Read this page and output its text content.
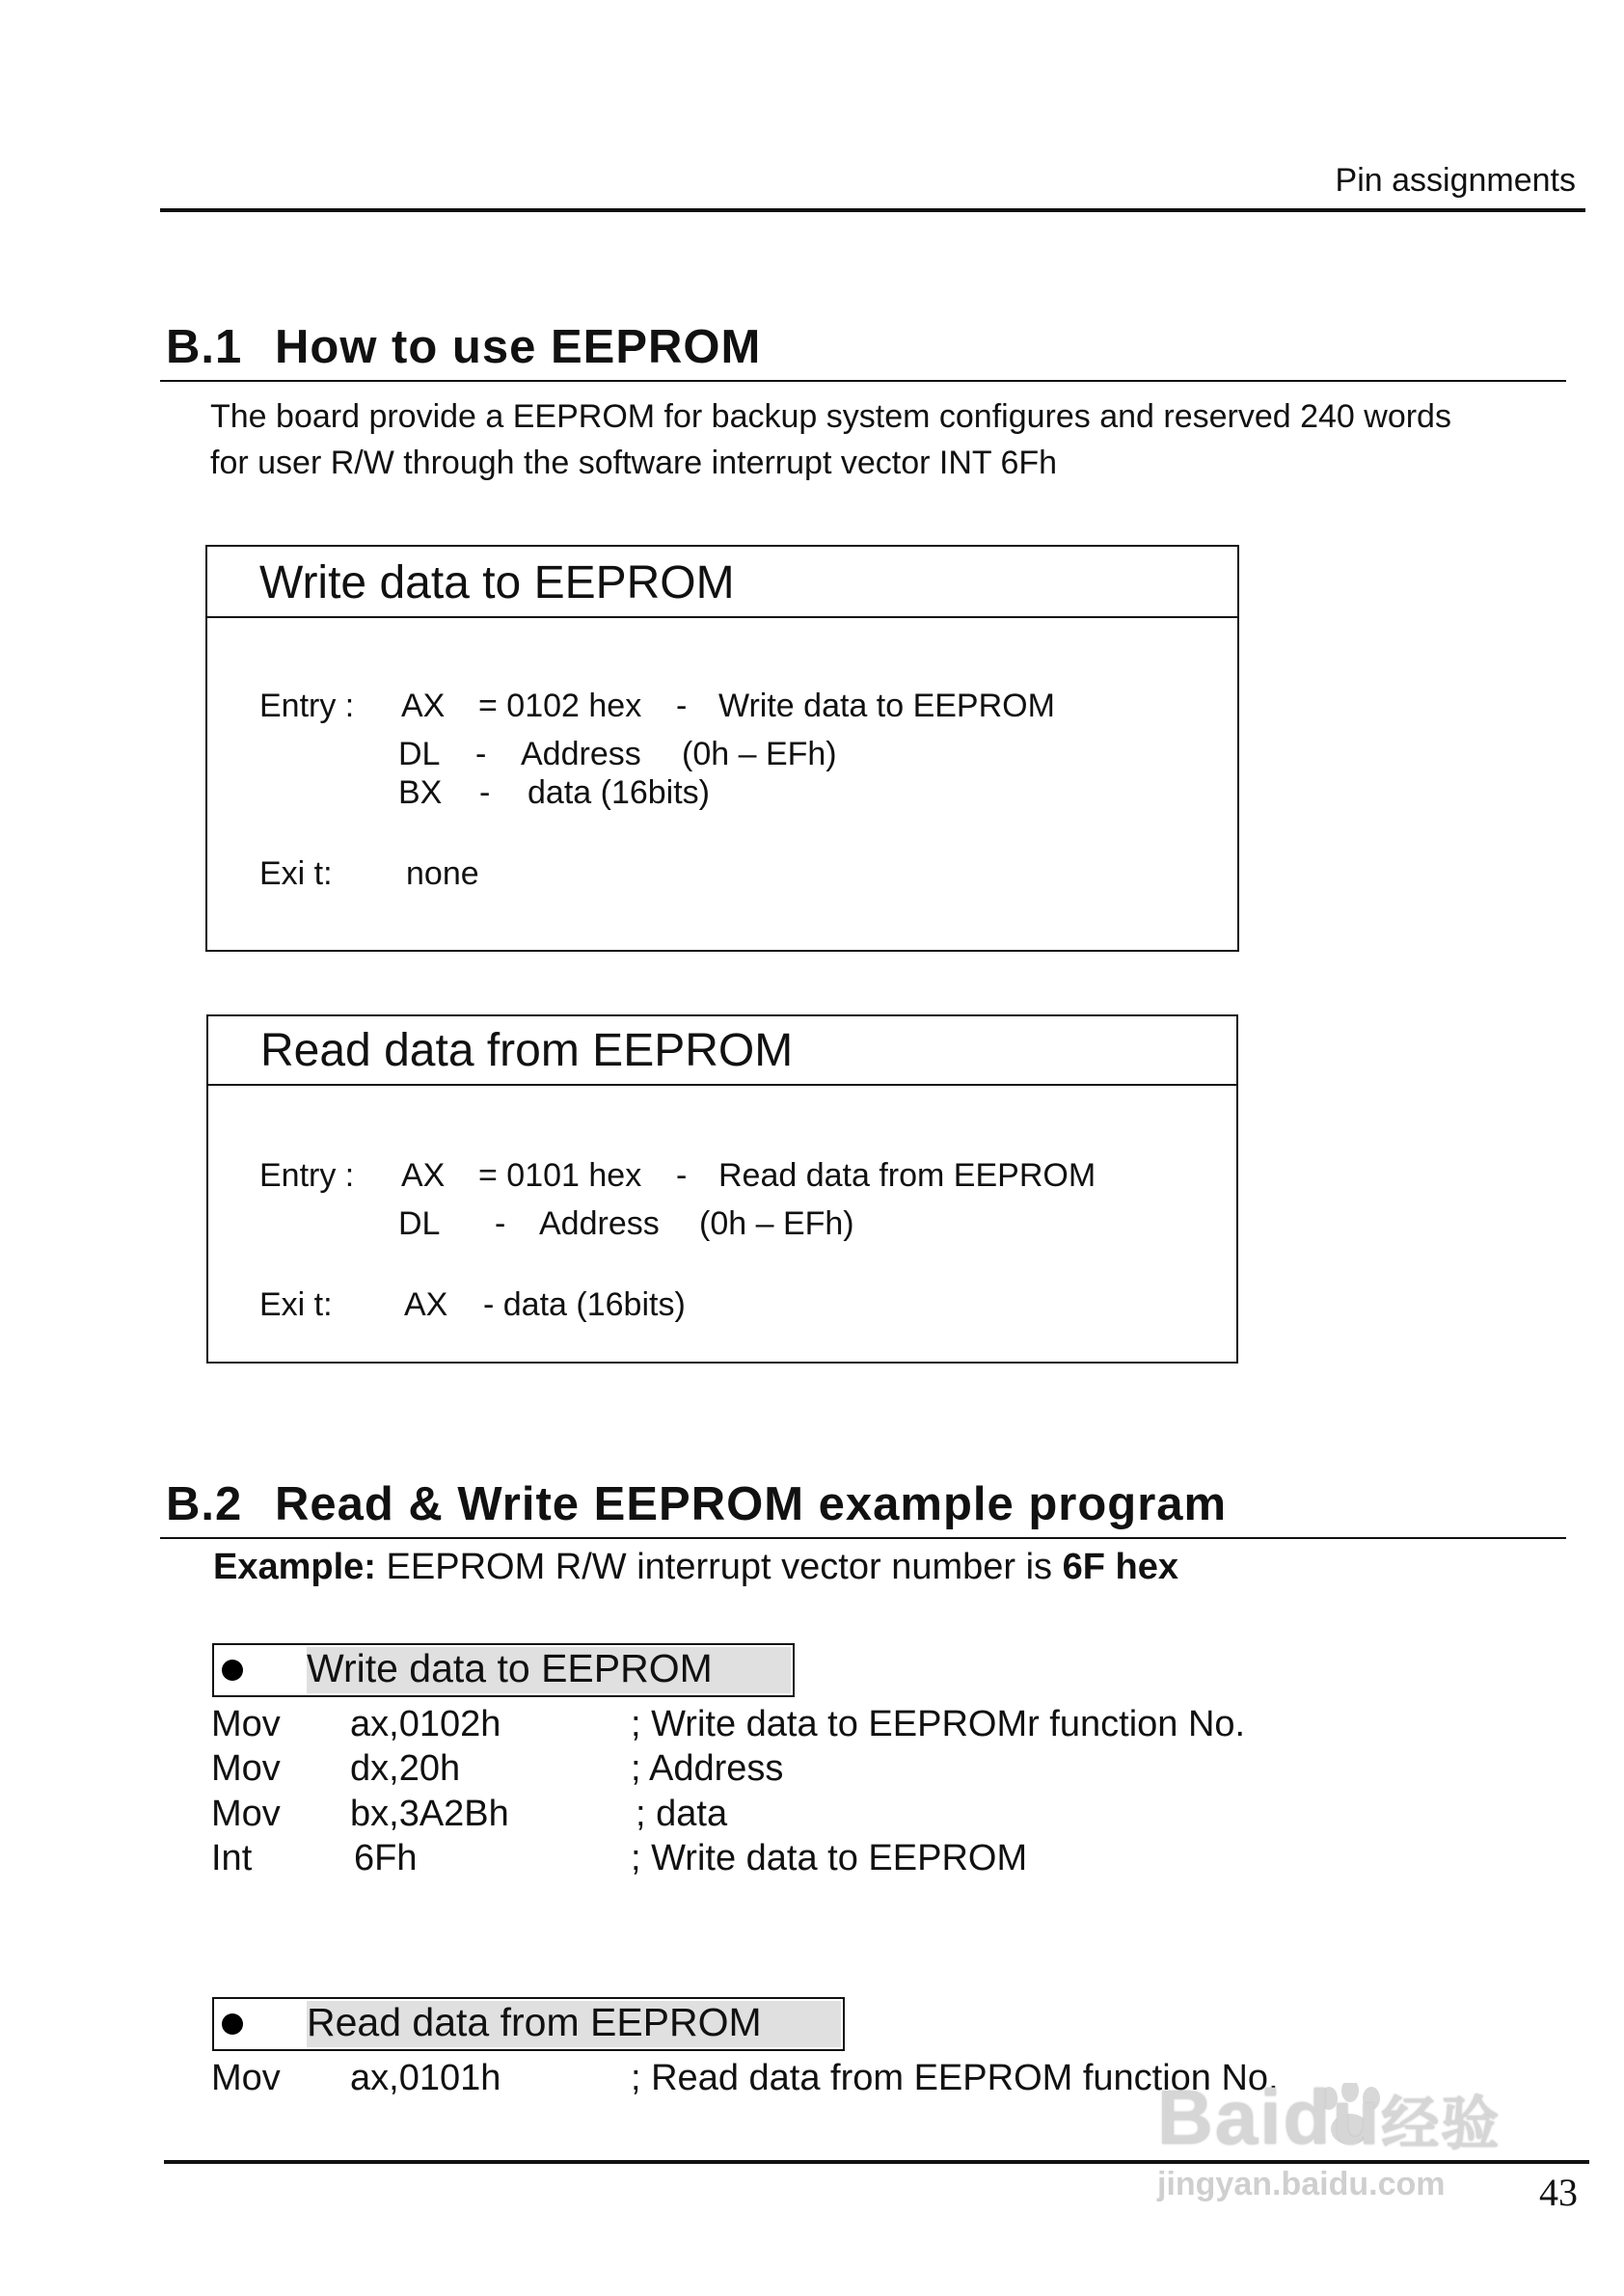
Pin assignments
B.1 How to use EEPROM
The board provide a EEPROM for backup system configures and reserved 240 words
for user R/W through the software interrupt vector INT 6Fh
Write data to EEPROM
Entry : AX = 0102 hex - Write data to EEPROM
DL - Address (0h – EFh)
BX - data (16bits)
Exi t: none
Read data from EEPROM
Entry : AX = 0101 hex - Read data from EEPROM
DL - Address (0h – EFh)
Exi t: AX - data (16bits)
B.2 Read & Write EEPROM example program
Example: EEPROM R/W interrupt vector number is 6F hex
Write data to EEPROM
Mov ax,0102h	; Write data to EEPROMr function No.
Mov dx,20h	; Address
Mov bx,3A2Bh	; data
Int	6Fh	; Write data to EEPROM
Read data from EEPROM
Mov ax,0101h	; Read data from EEPROM function No.
43
Baidu经验
jingyan.baidu.com
